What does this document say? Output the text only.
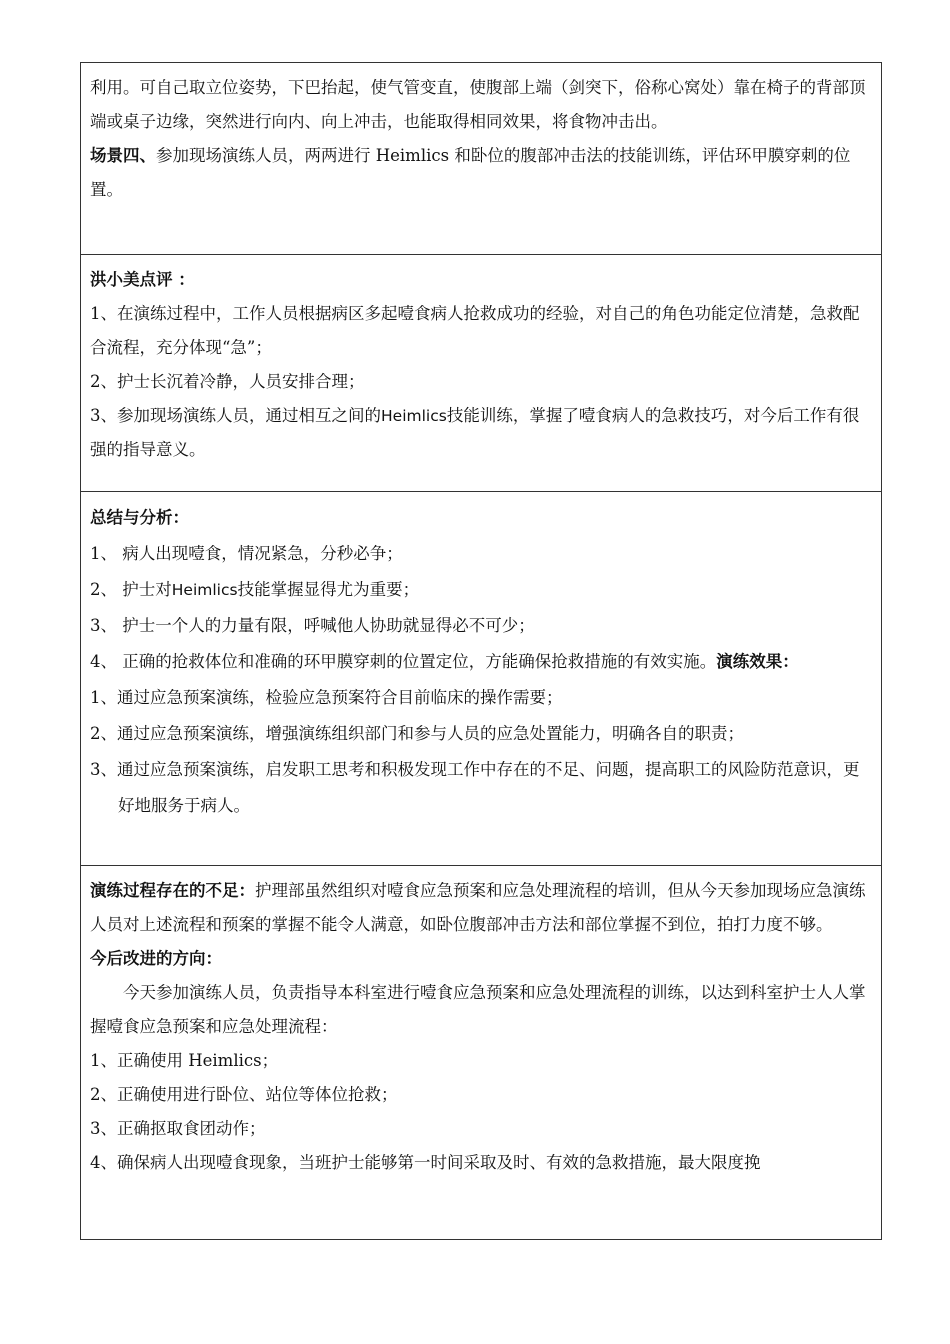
利用。可自己取立位姿势，下巴抬起，使气管变直，使腹部上端（剑突下，俗称心窝处）靠在椅子的背部顶端或桌子边缘，突然进行向内、向上冲击，也能取得相同效果，将食物冲击出。

场景四、参加现场演练人员，两两进行 Heimlics 和卧位的腹部冲击法的技能训练，评估环甲膜穿刺的位置。

洪小美点评 ：

1、在演练过程中，工作人员根据病区多起噎食病人抢救成功的经验，对自己的角色功能定位清楚，急救配合流程，充分体现“急”；

2、护士长沉着冷静，人员安排合理；

3、参加现场演练人员，通过相互之间的Heimlics技能训练，掌握了噎食病人的急救技巧，对今后工作有很强的指导意义。

总结与分析：

1、 病人出现噎食，情况紧急，分秒必争；

2、 护士对Heimlics技能掌握显得尤为重要；

3、 护士一个人的力量有限，呼喊他人协助就显得必不可少；

4、 正确的抢救体位和准确的环甲膜穿刺的位置定位，方能确保抢救措施的有效实施。演练效果：

1、通过应急预案演练，检验应急预案符合目前临床的操作需要；

2、通过应急预案演练，增强演练组织部门和参与人员的应急处置能力，明确各自的职责；

3、通过应急预案演练，启发职工思考和积极发现工作中存在的不足、问题，提高职工的风险防范意识，更好地服务于病人。

演练过程存在的不足：护理部虽然组织对噎食应急预案和应急处理流程的培训，但从今天参加现场应急演练人员对上述流程和预案的掌握不能令人满意，如卧位腹部冲击方法和部位掌握不到位，拍打力度不够。

今后改进的方向：

今天参加演练人员，负责指导本科室进行噎食应急预案和应急处理流程的训练，以达到科室护士人人掌握噎食应急预案和应急处理流程：

1、正确使用 Heimlics；

2、正确使用进行卧位、站位等体位抢救；

3、正确抠取食团动作；

4、确保病人出现噎食现象，当班护士能够第一时间采取及时、有效的急救措施，最大限度挽
